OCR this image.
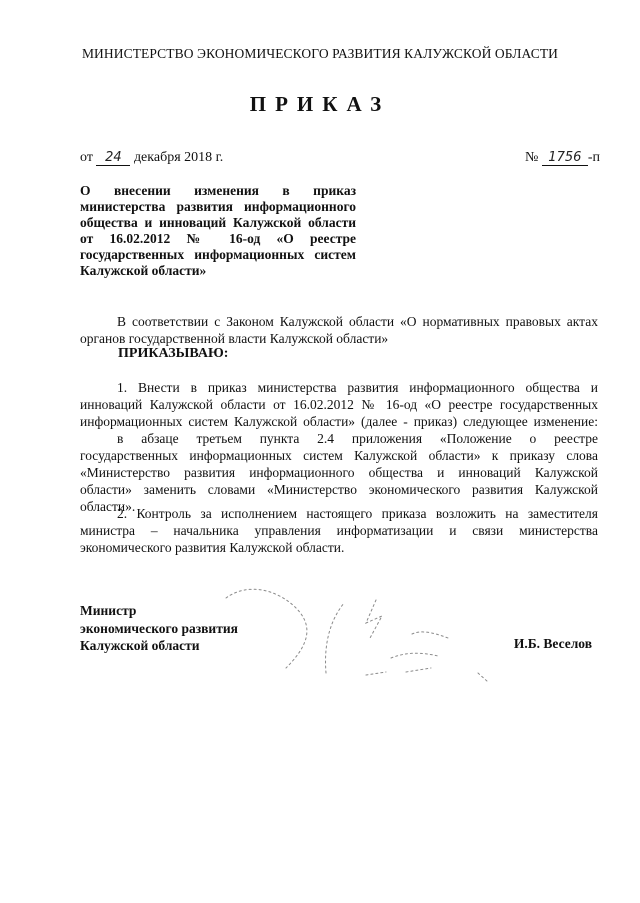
МИНИСТЕРСТВО ЭКОНОМИЧЕСКОГО РАЗВИТИЯ КАЛУЖСКОЙ ОБЛАСТИ
ПРИКАЗ
от 24 декабря 2018 г.	№ 1756 -п
О внесении изменения в приказ
министерства развития информационного
общества и инноваций Калужской области
от 16.02.2012 № 16-од «О реестре
государственных информационных систем
Калужской области»
В соответствии с Законом Калужской области «О нормативных правовых актах
органов государственной власти Калужской области»
ПРИКАЗЫВАЮ:
1. Внести в приказ министерства развития информационного общества и
инноваций Калужской области от 16.02.2012 № 16-од «О реестре государственных
информационных систем Калужской области» (далее - приказ) следующее изменение:
в абзаце третьем пункта 2.4 приложения «Положение о реестре
государственных информационных систем Калужской области» к приказу слова
«Министерство развития информационного общества и инноваций Калужской
области» заменить словами «Министерство экономического развития Калужской
области».
2. Контроль за исполнением настоящего приказа возложить на заместителя
министра – начальника управления информатизации и связи министерства
экономического развития Калужской области.
Министр
экономического развития
Калужской области	И.Б. Веселов
